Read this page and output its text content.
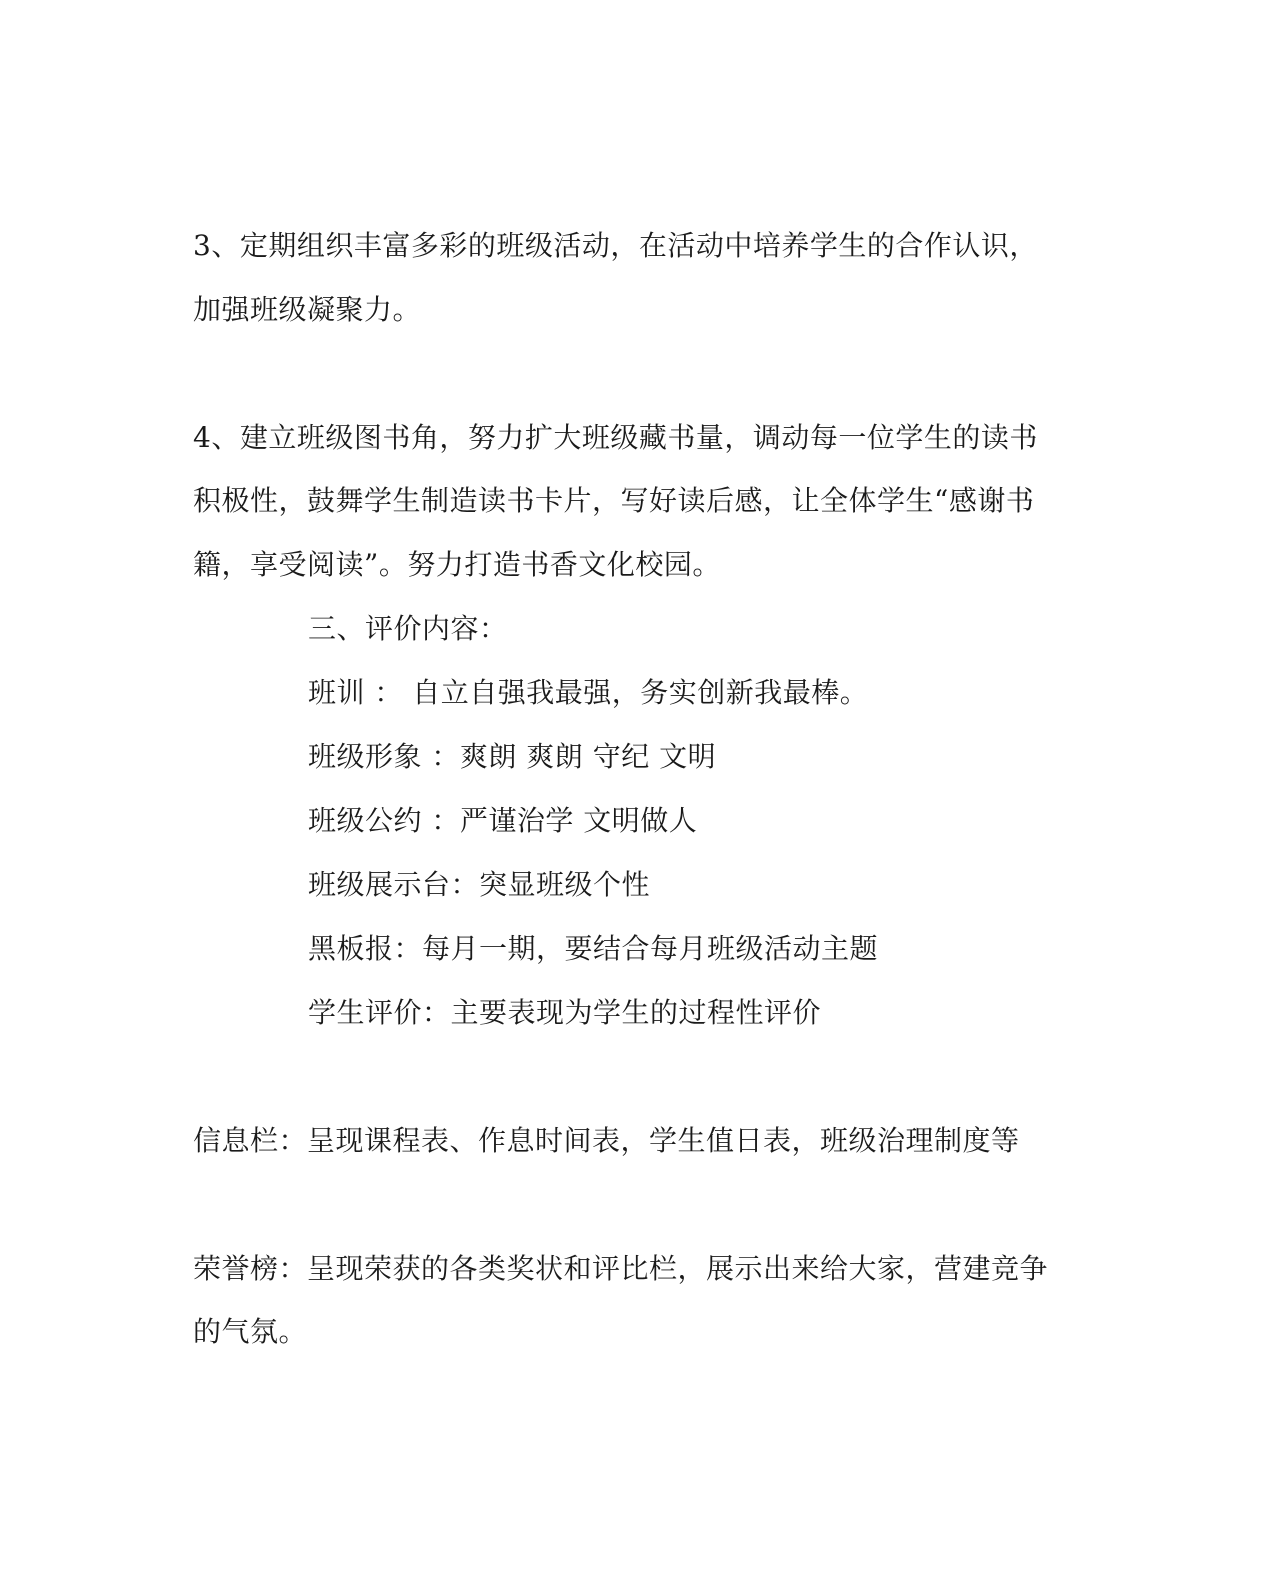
3、定期组织丰富多彩的班级活动，在活动中培养学生的合作认识，
加强班级凝聚力。
4、建立班级图书角，努力扩大班级藏书量，调动每一位学生的读书
积极性，鼓舞学生制造读书卡片，写好读后感，让全体学生“感谢书
籍，享受阅读”。努力打造书香文化校园。
三、评价内容：
班训 ： 自立自强我最强，务实创新我最棒。
班级形象 ：爽朗 爽朗 守纪 文明
班级公约 ：严谨治学 文明做人
班级展示台：突显班级个性
黑板报：每月一期，要结合每月班级活动主题
学生评价：主要表现为学生的过程性评价
信息栏：呈现课程表、作息时间表，学生值日表，班级治理制度等
荣誉榜：呈现荣获的各类奖状和评比栏，展示出来给大家，营建竞争
的气氛。
